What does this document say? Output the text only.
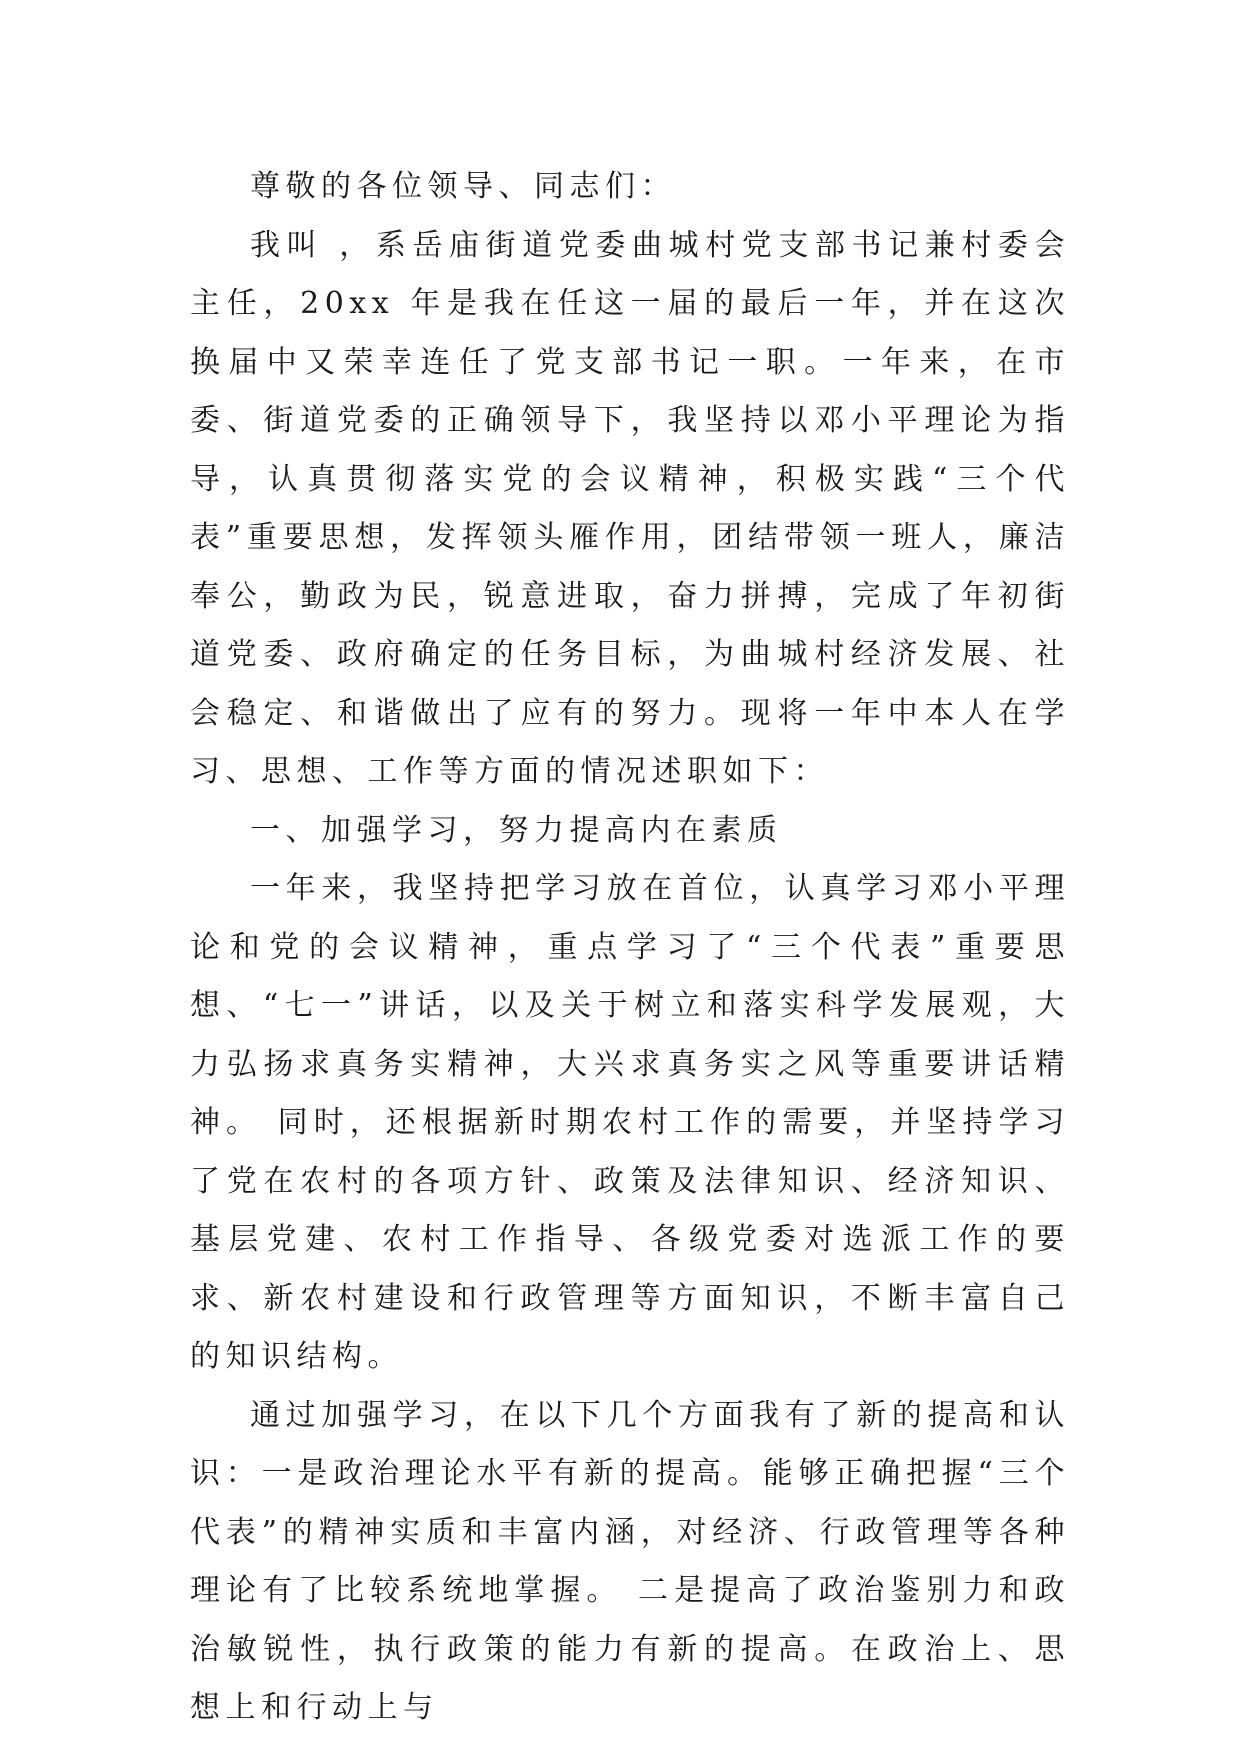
尊敬的各位领导、同志们：

我叫 ，系岳庙街道党委曲城村党支部书记兼村委会主任，20xx 年是我在任这一届的最后一年，并在这次换届中又荣幸连任了党支部书记一职。一年来，在市委、街道党委的正确领导下，我坚持以邓小平理论为指导，认真贯彻落实党的会议精神，积极实践“三个代表”重要思想，发挥领头雁作用，团结带领一班人，廉洁奉公，勤政为民，锐意进取，奋力拼搏，完成了年初街道党委、政府确定的任务目标，为曲城村经济发展、社会稳定、和谐做出了应有的努力。现将一年中本人在学习、思想、工作等方面的情况述职如下：

一、加强学习，努力提高内在素质

一年来，我坚持把学习放在首位，认真学习邓小平理论和党的会议精神，重点学习了“三个代表”重要思想、“七一”讲话，以及关于树立和落实科学发展观，大力弘扬求真务实精神，大兴求真务实之风等重要讲话精神。 同时，还根据新时期农村工作的需要，并坚持学习了党在农村的各项方针、政策及法律知识、经济知识、基层党建、农村工作指导、各级党委对选派工作的要求、新农村建设和行政管理等方面知识，不断丰富自己的知识结构。

通过加强学习，在以下几个方面我有了新的提高和认识：一是政治理论水平有新的提高。能够正确把握“三个代表”的精神实质和丰富内涵，对经济、行政管理等各种理论有了比较系统地掌握。 二是提高了政治鉴别力和政治敏锐性，执行政策的能力有新的提高。在政治上、思想上和行动上与
